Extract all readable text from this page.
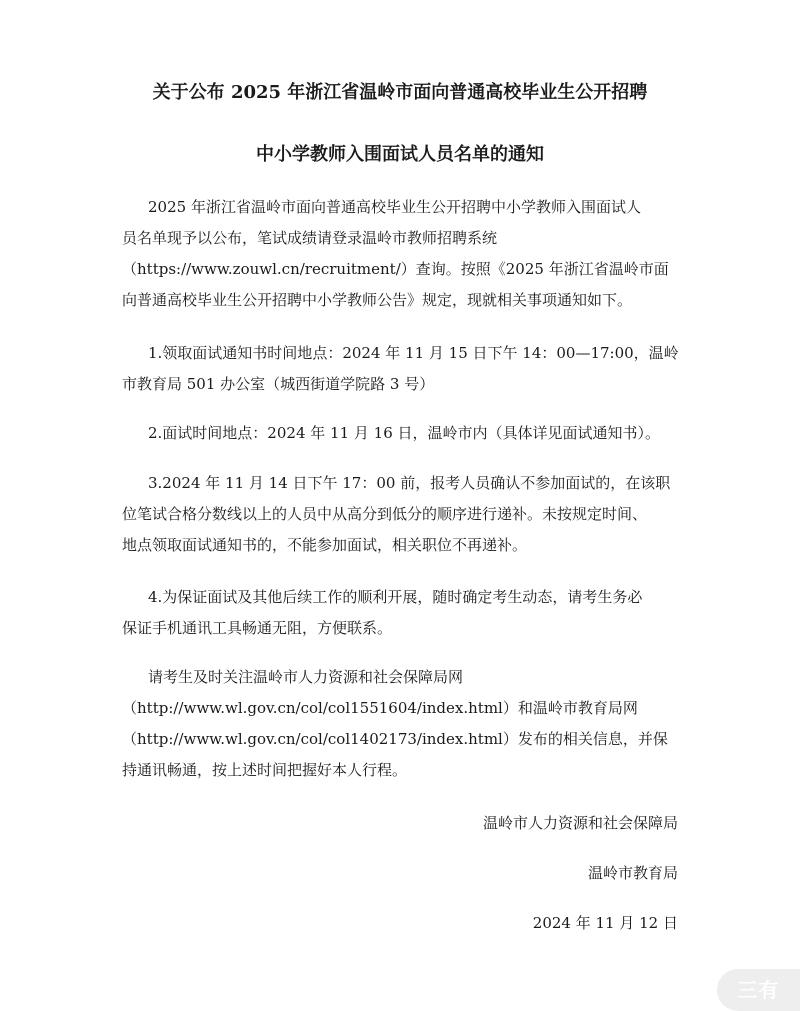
关于公布 2025 年浙江省温岭市面向普通高校毕业生公开招聘
中小学教师入围面试人员名单的通知

2025 年浙江省温岭市面向普通高校毕业生公开招聘中小学教师入围面试人
员名单现予以公布，笔试成绩请登录温岭市教师招聘系统
（https://www.zouwl.cn/recruitment/）查询。按照《2025 年浙江省温岭市面
向普通高校毕业生公开招聘中小学教师公告》规定，现就相关事项通知如下。

1.领取面试通知书时间地点：2024 年 11 月 15 日下午 14：00—17:00，温岭
市教育局 501 办公室（城西街道学院路 3 号）

2.面试时间地点：2024 年 11 月 16 日，温岭市内（具体详见面试通知书）。

3.2024 年 11 月 14 日下午 17：00 前，报考人员确认不参加面试的，在该职
位笔试合格分数线以上的人员中从高分到低分的顺序进行递补。未按规定时间、
地点领取面试通知书的，不能参加面试，相关职位不再递补。

4.为保证面试及其他后续工作的顺利开展，随时确定考生动态，请考生务必
保证手机通讯工具畅通无阻，方便联系。

请考生及时关注温岭市人力资源和社会保障局网
（http://www.wl.gov.cn/col/col1551604/index.html）和温岭市教育局网
（http://www.wl.gov.cn/col/col1402173/index.html）发布的相关信息，并保
持通讯畅通，按上述时间把握好本人行程。

温岭市人力资源和社会保障局

温岭市教育局

2024 年 11 月 12 日

三有
